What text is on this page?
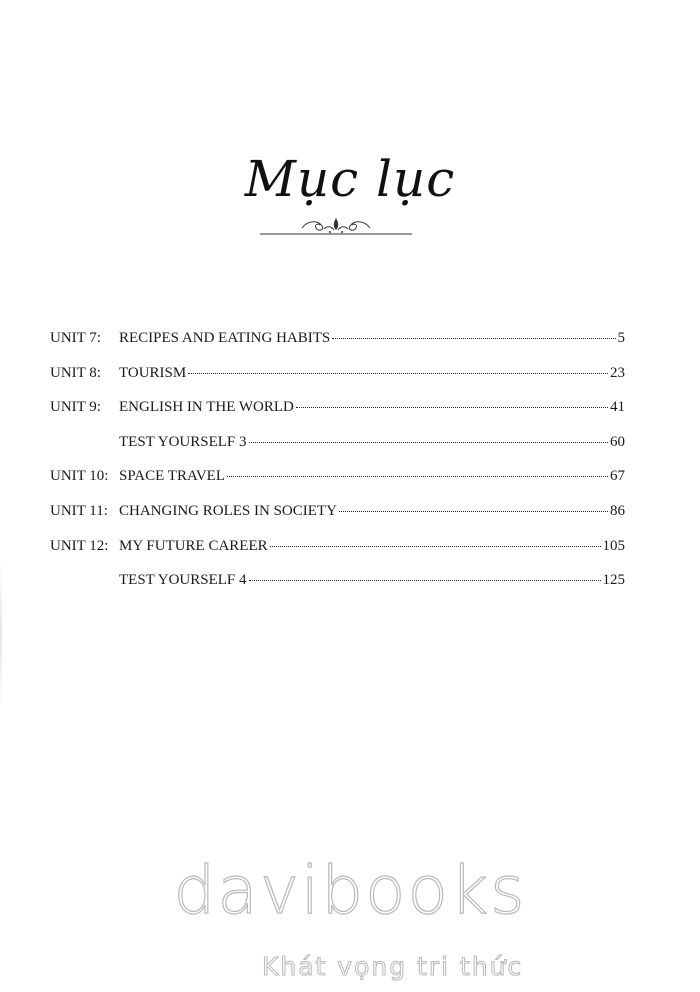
Mục lục
UNIT 7:	RECIPES AND EATING HABITS	5
UNIT 8:	TOURISM	23
UNIT 9:	ENGLISH IN THE WORLD	41
TEST YOURSELF 3	60
UNIT 10: SPACE TRAVEL	67
UNIT 11: CHANGING ROLES IN SOCIETY	86
UNIT 12: MY FUTURE CAREER	105
TEST YOURSELF 4	125
davibooks
Khát vọng tri thức
